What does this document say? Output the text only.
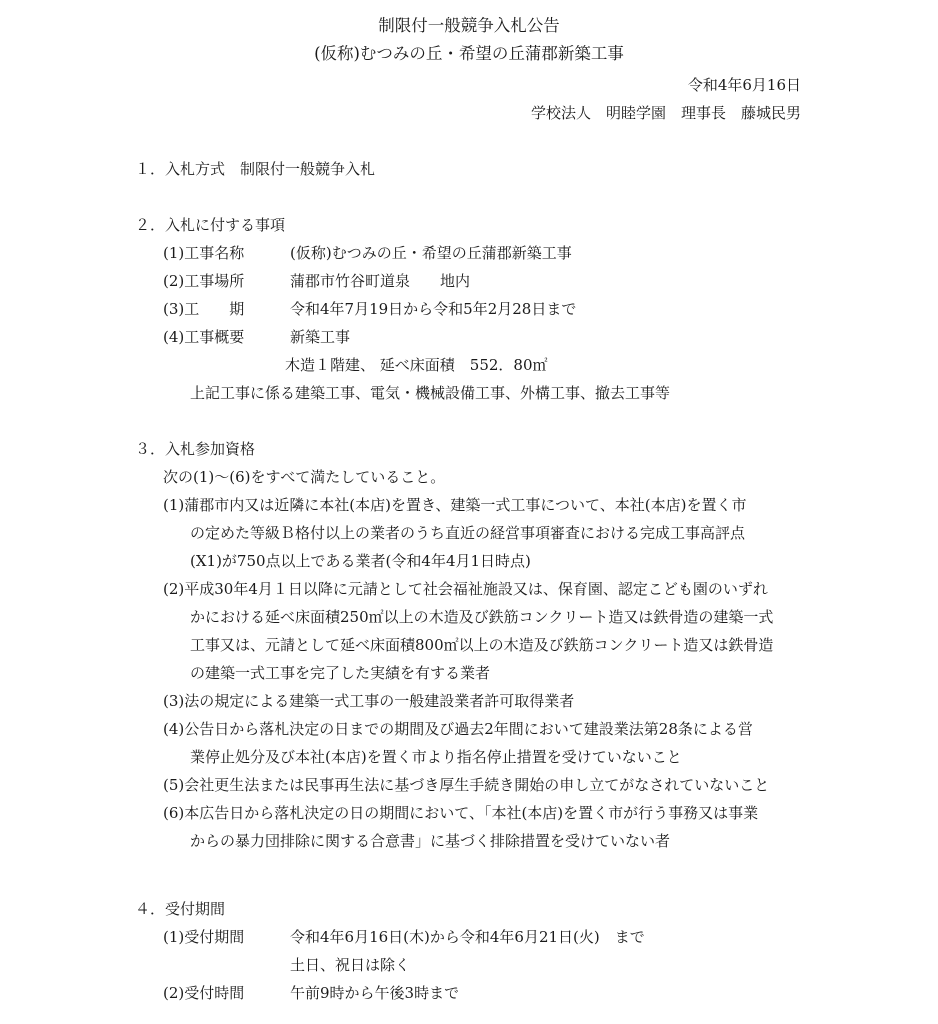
制限付一般競争入札公告
(仮称)むつみの丘・希望の丘蒲郡新築工事
令和4年6月16日
学校法人　明睦学園　理事長　藤城民男
１．入札方式　制限付一般競争入札
２．入札に付する事項
(1)工事名称	(仮称)むつみの丘・希望の丘蒲郡新築工事
(2)工事場所	蒲郡市竹谷町道泉　　地内
(3)工　　期	令和4年7月19日から令和5年2月28日まで
(4)工事概要	新築工事
木造１階建、 延べ床面積　552．80㎡
上記工事に係る建築工事、電気・機械設備工事、外構工事、撤去工事等
３．入札参加資格
次の(1)～(6)をすべて満たしていること。
(1)蒲郡市内又は近隣に本社(本店)を置き、建築一式工事について、本社(本店)を置く市
の定めた等級Ｂ格付以上の業者のうち直近の経営事項審査における完成工事高評点
(X1)が750点以上である業者(令和4年4月1日時点)
(2)平成30年4月１日以降に元請として社会福祉施設又は、保育園、認定こども園のいずれ
かにおける延べ床面積250㎡以上の木造及び鉄筋コンクリート造又は鉄骨造の建築一式
工事又は、元請として延べ床面積800㎡以上の木造及び鉄筋コンクリート造又は鉄骨造
の建築一式工事を完了した実績を有する業者
(3)法の規定による建築一式工事の一般建設業者許可取得業者
(4)公告日から落札決定の日までの期間及び過去2年間において建設業法第28条による営
業停止処分及び本社(本店)を置く市より指名停止措置を受けていないこと
(5)会社更生法または民事再生法に基づき厚生手続き開始の申し立てがなされていないこと
(6)本広告日から落札決定の日の期間において、「本社(本店)を置く市が行う事務又は事業
からの暴力団排除に関する合意書」に基づく排除措置を受けていない者
４．受付期間
(1)受付期間	令和4年6月16日(木)から令和4年6月21日(火)　まで
土日、祝日は除く
(2)受付時間	午前9時から午後3時まで
